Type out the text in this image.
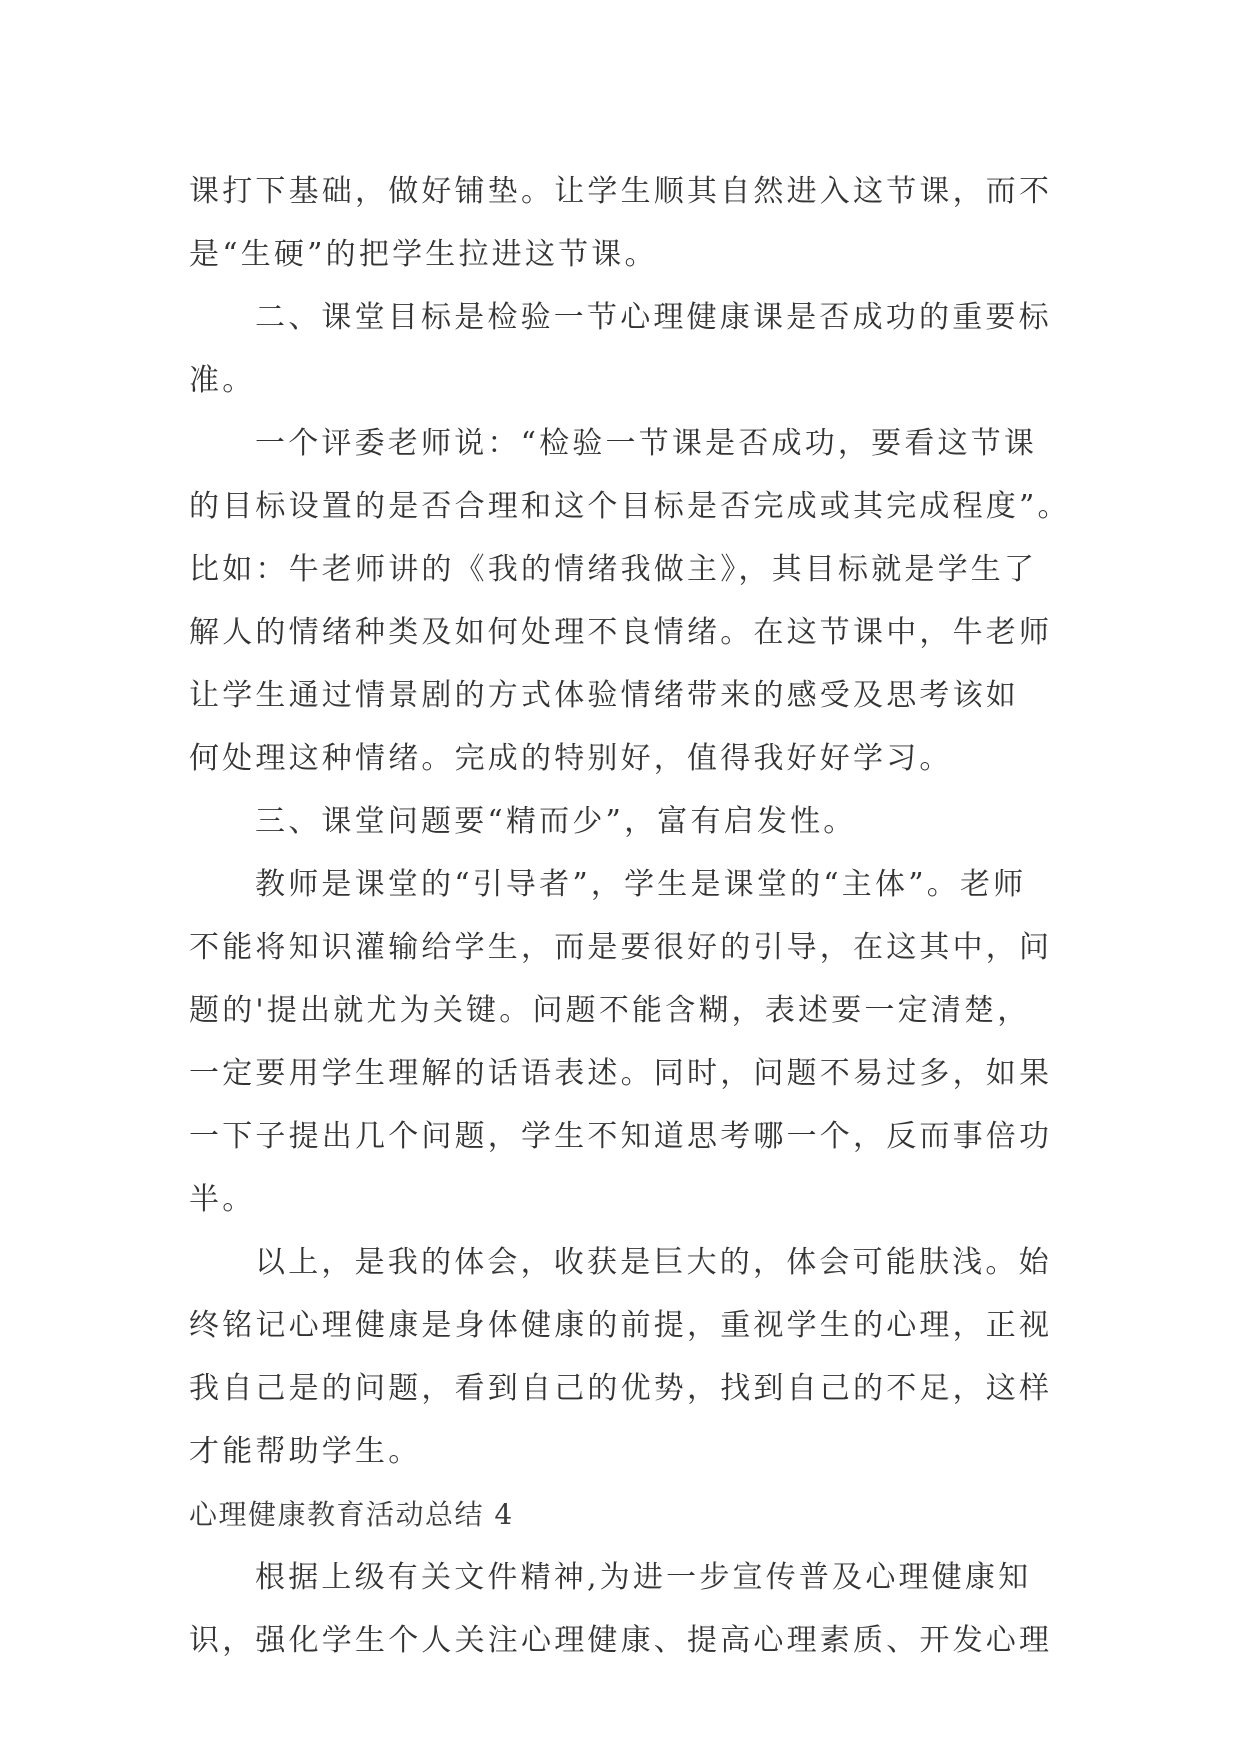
课打下基础，做好铺垫。让学生顺其自然进入这节课，而不
是“生硬”的把学生拉进这节课。
二、课堂目标是检验一节心理健康课是否成功的重要标
准。
一个评委老师说：“检验一节课是否成功，要看这节课
的目标设置的是否合理和这个目标是否完成或其完成程度”。
比如：牛老师讲的《我的情绪我做主》，其目标就是学生了
解人的情绪种类及如何处理不良情绪。在这节课中，牛老师
让学生通过情景剧的方式体验情绪带来的感受及思考该如
何处理这种情绪。完成的特别好，值得我好好学习。
三、课堂问题要“精而少”，富有启发性。
教师是课堂的“引导者”，学生是课堂的“主体”。老师
不能将知识灌输给学生，而是要很好的引导，在这其中，问
题的'提出就尤为关键。问题不能含糊，表述要一定清楚，
一定要用学生理解的话语表述。同时，问题不易过多，如果
一下子提出几个问题，学生不知道思考哪一个，反而事倍功
半。
以上，是我的体会，收获是巨大的，体会可能肤浅。始
终铭记心理健康是身体健康的前提，重视学生的心理，正视
我自己是的问题，看到自己的优势，找到自己的不足，这样
才能帮助学生。
心理健康教育活动总结 4
根据上级有关文件精神,为进一步宣传普及心理健康知
识，强化学生个人关注心理健康、提高心理素质、开发心理
